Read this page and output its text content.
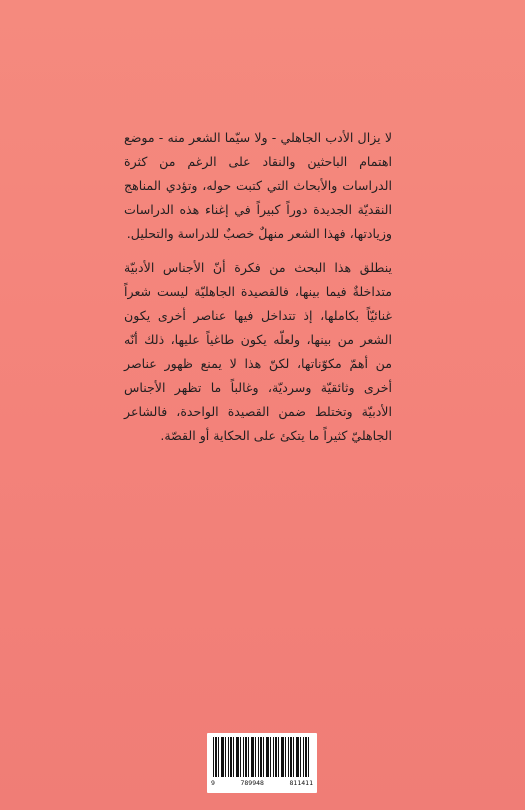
لا يزال الأدب الجاهلي - ولا سيّما الشعر منه - موضع اهتمام الباحثين والنقاد على الرغم من كثرة الدراسات والأبحاث التي كتبت حوله، وتؤدي المناهج النقديّة الجديدة دوراً كبيراً في إغناء هذه الدراسات وزيادتها، فهذا الشعر منهلٌ خصبٌ للدراسة والتحليل.

ينطلق هذا البحث من فكرة أنّ الأجناس الأدبيّة متداخلةٌ فيما بينها، فالقصيدة الجاهليّة ليست شعراً غنائيّاً بكاملها، إذ تتداخل فيها عناصر أخرى يكون الشعر من بينها، ولعلّه يكون طاغياً عليها، ذلك أنّه من أهمّ مكوّناتها، لكنّ هذا لا يمنع ظهور عناصر أخرى وثائقيّة وسرديّة، وغالباً ما تظهر الأجناس الأدبيّة وتختلط ضمن القصيدة الواحدة، فالشاعر الجاهليّ كثيراً ما يتكئ على الحكاية أو القصّة.

9	789948	811411
